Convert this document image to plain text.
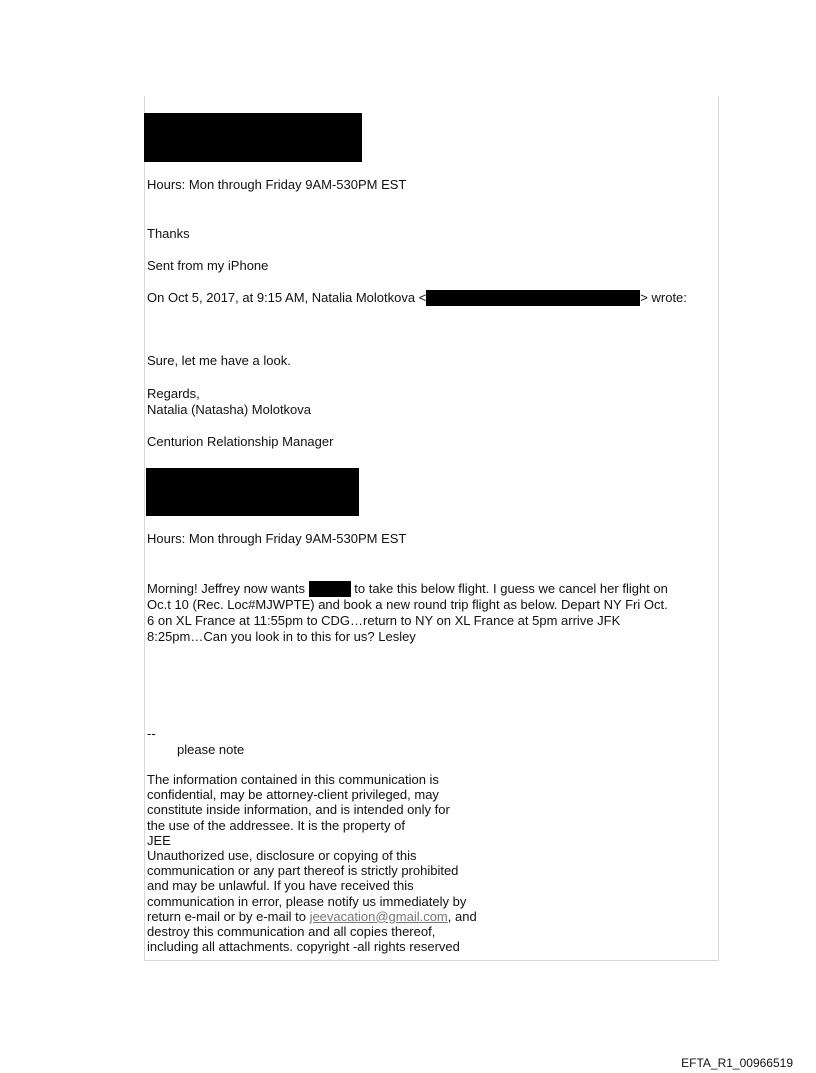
Hours: Mon through Friday 9AM-530PM EST
Thanks
Sent from my iPhone
On Oct 5, 2017, at 9:15 AM, Natalia Molotkova <	> wrote:
Sure, let me have a look.
Regards,
Natalia (Natasha) Molotkova
Centurion Relationship Manager
Hours: Mon through Friday 9AM-530PM EST
Morning! Jeffrey now wants	to take this below flight. I guess we cancel her flight on
Oc.t 10 (Rec. Loc#MJWPTE) and book a new round trip flight as below. Depart NY Fri Oct.
6 on XL France at 11:55pm to CDG…return to NY on XL France at 5pm arrive JFK
8:25pm…Can you look in to this for us? Lesley
--
please note
The information contained in this communication is
confidential, may be attorney-client privileged, may
constitute inside information, and is intended only for
the use of the addressee. It is the property of
JEE
Unauthorized use, disclosure or copying of this
communication or any part thereof is strictly prohibited
and may be unlawful. If you have received this
communication in error, please notify us immediately by
return e-mail or by e-mail to jeevacation@gmail.com, and
destroy this communication and all copies thereof,
including all attachments. copyright -all rights reserved
EFTA_R1_00966519
